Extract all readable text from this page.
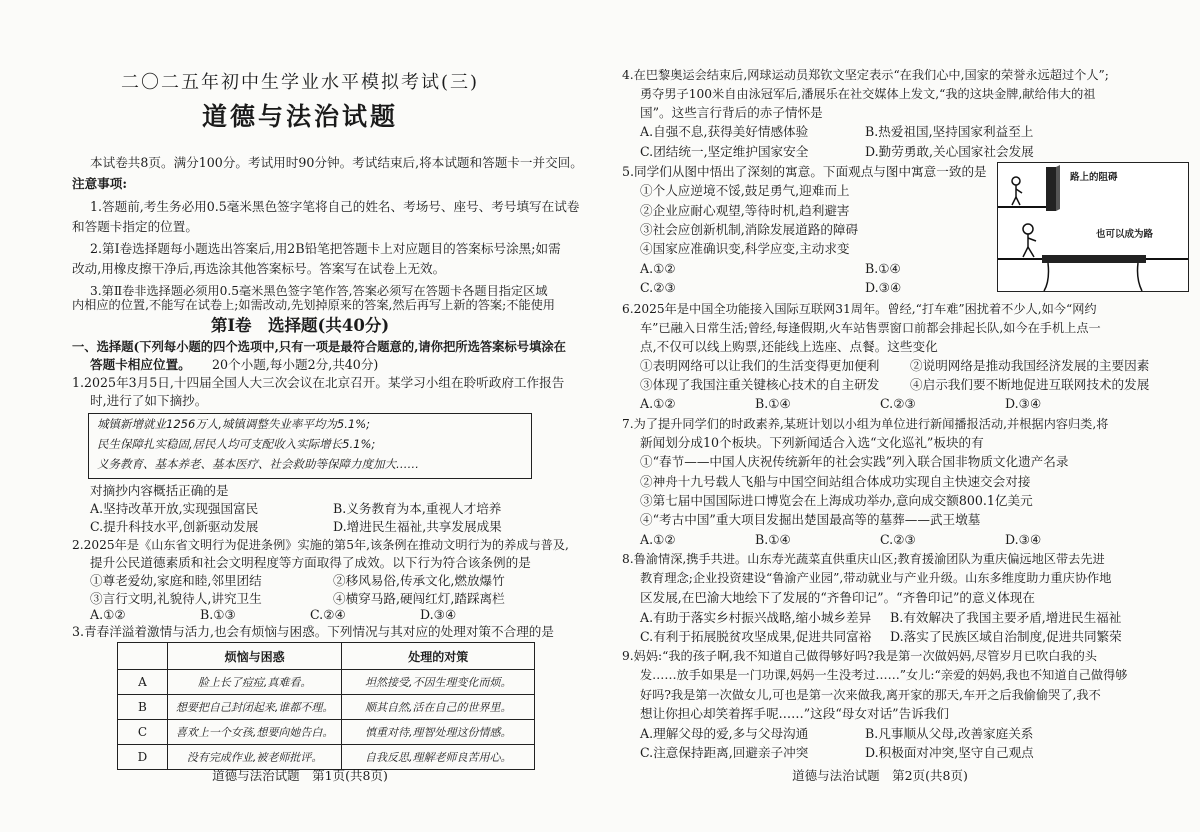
二〇二五年初中生学业水平模拟考试(三)
道德与法治试题
本试卷共8页。满分100分。考试用时90分钟。考试结束后,将本试题和答题卡一并交回。
注意事项:
1.答题前,考生务必用0.5毫米黑色签字笔将自己的姓名、考场号、座号、考号填写在试卷
和答题卡指定的位置。
2.第Ⅰ卷选择题每小题选出答案后,用2B铅笔把答题卡上对应题目的答案标号涂黑;如需
改动,用橡皮擦干净后,再选涂其他答案标号。答案写在试卷上无效。
3.第Ⅱ卷非选择题必须用0.5毫米黑色签字笔作答,答案必须写在答题卡各题目指定区域
内相应的位置,不能写在试卷上;如需改动,先划掉原来的答案,然后再写上新的答案;不能使用
第Ⅰ卷　选择题(共40分)
一、选择题(下列每小题的四个选项中,只有一项是最符合题意的,请你把所选答案标号填涂在
答题卡相应位置。 20个小题,每小题2分,共40分)
1.2025年3月5日,十四届全国人大三次会议在北京召开。某学习小组在聆听政府工作报告
时,进行了如下摘抄。
城镇新增就业1256万人,城镇调整失业率平均为5.1%;
民生保障扎实稳固,居民人均可支配收入实际增长5.1%;
义务教育、基本养老、基本医疗、社会救助等保障力度加大……
对摘抄内容概括正确的是
A.坚持改革开放,实现强国富民	B.义务教育为本,重视人才培养
C.提升科技水平,创新驱动发展	D.增进民生福祉,共享发展成果
2.2025年是《山东省文明行为促进条例》实施的第5年,该条例在推动文明行为的养成与普及,
提升公民道德素质和社会文明程度等方面取得了成效。以下行为符合该条例的是
①尊老爱幼,家庭和睦,邻里团结	②移风易俗,传承文化,燃放爆竹
③言行文明,礼貌待人,讲究卫生	④横穿马路,硬闯红灯,踏踩离栏
A.①②	B.①③	C.②④	D.③④
3.青春洋溢着激情与活力,也会有烦恼与困惑。下列情况与其对应的处理对策不合理的是
	烦恼与困惑	处理的对策
A	脸上长了痘痘,真难看。	坦然接受,不因生理变化而烦。
B	想要把自己封闭起来,谁都不理。	顺其自然,活在自己的世界里。
C	喜欢上一个女孩,想要向她告白。	慎重对待,理智处理这份情感。
D	没有完成作业,被老师批评。	自我反思,理解老师良苦用心。
道德与法治试题　第1页(共8页)
4.在巴黎奥运会结束后,网球运动员郑钦文坚定表示“在我们心中,国家的荣誉永远超过个人”;
勇夺男子100米自由泳冠军后,潘展乐在社交媒体上发文,“我的这块金牌,献给伟大的祖
国”。这些言行背后的赤子情怀是
A.自强不息,获得美好情感体验	B.热爱祖国,坚持国家利益至上
C.团结统一,坚定维护国家安全	D.勤劳勇敢,关心国家社会发展
5.同学们从图中悟出了深刻的寓意。下面观点与图中寓意一致的是
①个人应逆境不馁,鼓足勇气,迎难而上
②企业应耐心观望,等待时机,趋利避害
③社会应创新机制,消除发展道路的障碍
④国家应准确识变,科学应变,主动求变
A.①②	B.①④
C.②③	D.③④
路上的阻碍
也可以成为路
6.2025年是中国全功能接入国际互联网31周年。曾经,“打车难”困扰着不少人,如今“网约
车”已融入日常生活;曾经,每逢假期,火车站售票窗口前都会排起长队,如今在手机上点一
点,不仅可以线上购票,还能线上选座、点餐。这些变化
①表明网络可以让我们的生活变得更加便利 ②说明网络是推动我国经济发展的主要因素
③体现了我国注重关键核心技术的自主研发 ④启示我们要不断地促进互联网技术的发展
A.①②	B.①④	C.②③	D.③④
7.为了提升同学们的时政素养,某班计划以小组为单位进行新闻播报活动,并根据内容归类,将
新闻划分成10个板块。下列新闻适合入选“文化巡礼”板块的有
①“春节——中国人庆祝传统新年的社会实践”列入联合国非物质文化遗产名录
②神舟十九号载人飞船与中国空间站组合体成功实现自主快速交会对接
③第七届中国国际进口博览会在上海成功举办,意向成交额800.1亿美元
④“考古中国”重大项目发掘出楚国最高等的墓葬——武王墩墓
A.①②	B.①④	C.②③	D.③④
8.鲁渝情深,携手共进。山东寿光蔬菜直供重庆山区;教育援渝团队为重庆偏远地区带去先进
教育理念;企业投资建设“鲁渝产业园”,带动就业与产业升级。山东多维度助力重庆协作地
区发展,在巴渝大地绘下了发展的“齐鲁印记”。“齐鲁印记”的意义体现在
A.有助于落实乡村振兴战略,缩小城乡差异 B.有效解决了我国主要矛盾,增进民生福祉
C.有利于拓展脱贫攻坚成果,促进共同富裕 D.落实了民族区域自治制度,促进共同繁荣
9.妈妈:“我的孩子啊,我不知道自己做得够好吗?我是第一次做妈妈,尽管岁月已吹白我的头
发……放手如果是一门功课,妈妈一生没考过……”女儿:“亲爱的妈妈,我也不知道自己做得够
好吗?我是第一次做女儿,可也是第一次来做我,离开家的那天,车开之后我偷偷哭了,我不
想让你担心却笑着挥手呢……”这段“母女对话”告诉我们
A.理解父母的爱,多与父母沟通	B.凡事顺从父母,改善家庭关系
C.注意保持距离,回避亲子冲突	D.积极面对冲突,坚守自己观点
道德与法治试题　第2页(共8页)
